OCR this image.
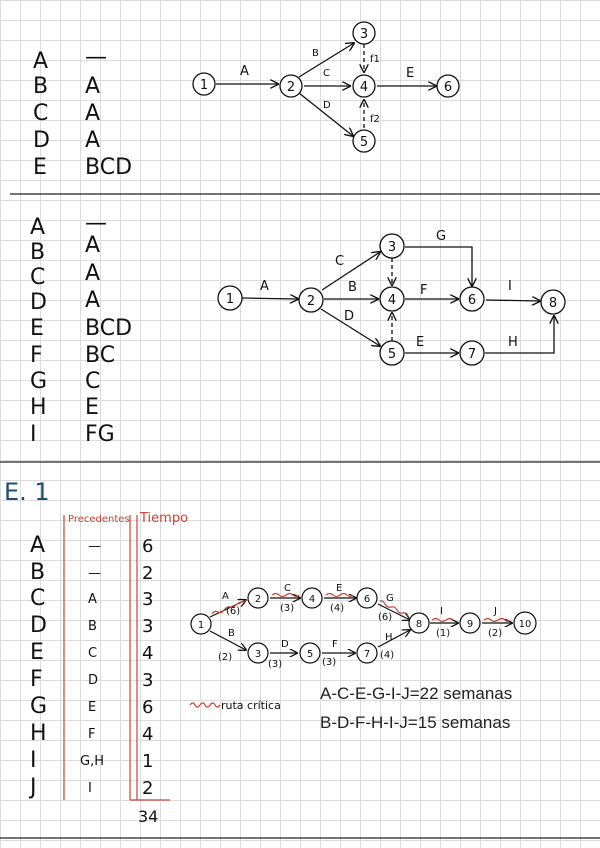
A —
B A
C A
D A
E BCD
1	2
3
4
5
6
A
B
C
D
E
f1
f2
A —
B A
C A
D A
E BCD
F BC
G C
H E
I FG
1	2
3
4
5
6
7
8
A
C
B
D
G
F
E
I
H
E. 1
Precedentes Tiempo
A	— 6
B	— 2
C	A	3
D	B	3
E	C 4
F	D 3
G	E	6
H	F	4
I	G,H 1
J	I	2
34
1
2
3
4
5
6
7
8	9	10
A
(6)
B
(2)
C
(3)
E
(4)
G
(6)
D
(3)
F
(3)
H
(4)
I
(1)
J
(2)
ruta crítica
A-C-E-G-I-J=22 semanas
B-D-F-H-I-J=15 semanas
